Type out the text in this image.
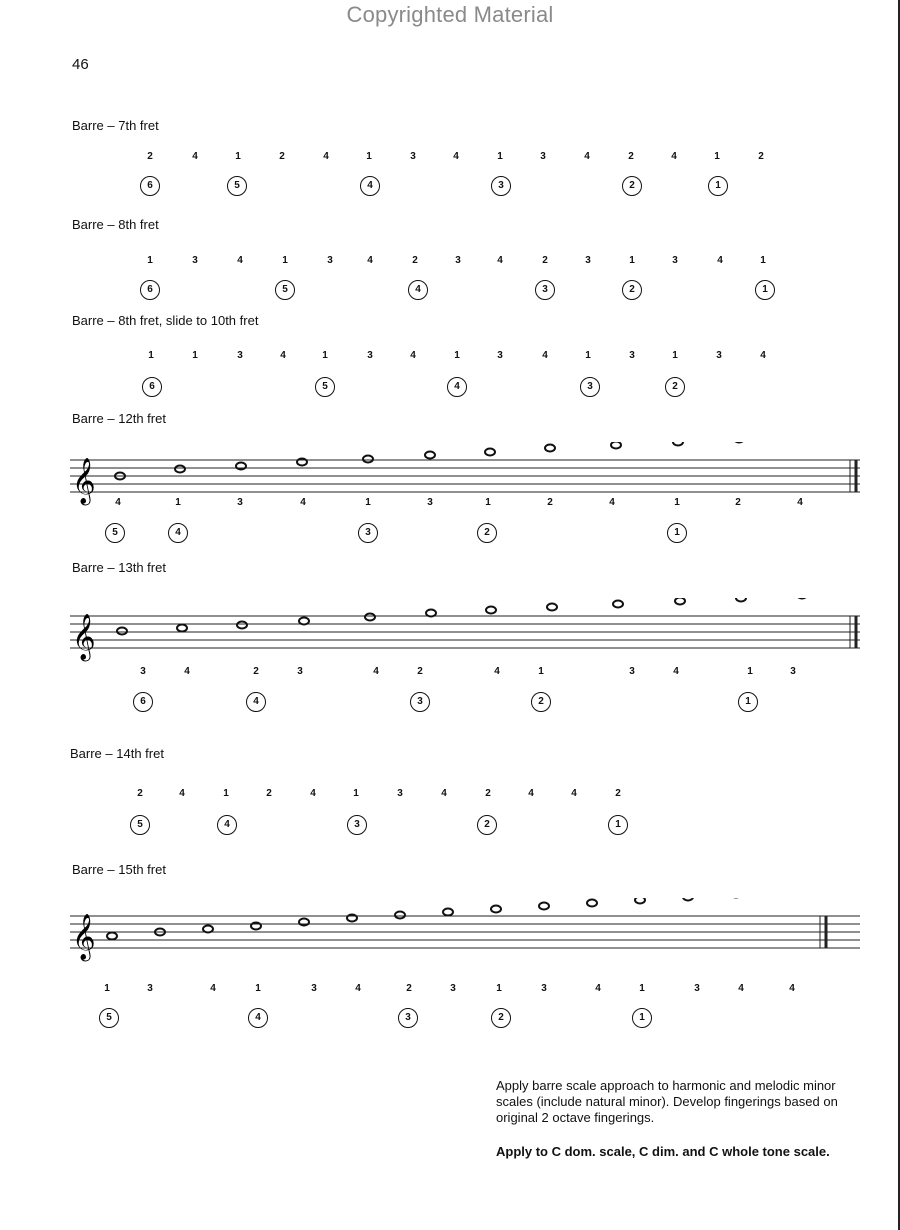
Copyrighted Material
46
Barre – 7th fret
Barre – 8th fret
Barre – 8th fret, slide to 10th fret
Barre – 12th fret
Barre – 13th fret
Barre – 14th fret
Barre – 15th fret
𝄞
𝄞
𝄞
Apply barre scale approach to harmonic and melodic minor scales (include natural minor). Develop fingerings based on original 2 octave fingerings.
Apply to C dom. scale, C dim. and C whole tone scale.
2	4	1	2	4	1	3	4	1	3	4	2	4	1	2
6	5	4	3	2	1
1	3	4	1	3	4	2	3	4	2	3	1	3	4	1
6	5	4	3	2	1
1	1	3	4	1	3	4	1	3	4	1	3	1	3	4
6	5	4	3	2
4	1	3	4	1	3	1	2	4	1	2	4
5	4	3	2	1
3	4	2	3	4	2	4	1	3	4	1	3
6	4	3	2	1
2	4	1	2	4	1	3	4	2	4	4	2
5	4	3	2	1
1	3	4	1	3	4	2	3	1	3	4	1	3	4	4
5	4	3	2	1
